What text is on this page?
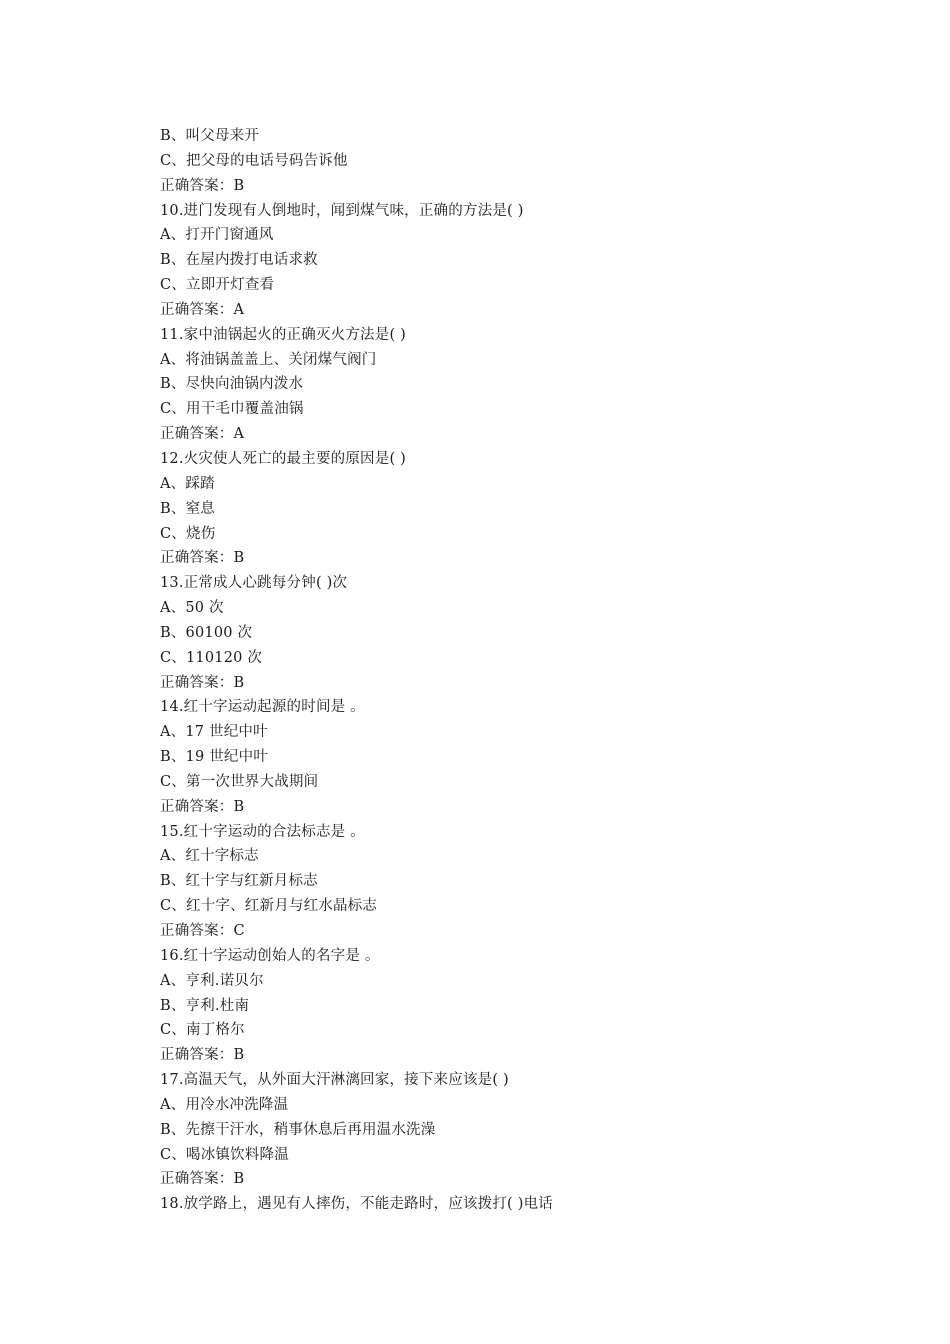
B、叫父母来开
C、把父母的电话号码告诉他
正确答案：B
10.进门发现有人倒地时，闻到煤气味，正确的方法是( )
A、打开门窗通风
B、在屋内拨打电话求救
C、立即开灯查看
正确答案：A
11.家中油锅起火的正确灭火方法是( )
A、将油锅盖盖上、关闭煤气阀门
B、尽快向油锅内泼水
C、用干毛巾覆盖油锅
正确答案：A
12.火灾使人死亡的最主要的原因是( )
A、踩踏
B、窒息
C、烧伤
正确答案：B
13.正常成人心跳每分钟( )次
A、50 次
B、60100 次
C、110120 次
正确答案：B
14.红十字运动起源的时间是 。
A、17 世纪中叶
B、19 世纪中叶
C、第一次世界大战期间
正确答案：B
15.红十字运动的合法标志是 。
A、红十字标志
B、红十字与红新月标志
C、红十字、红新月与红水晶标志
正确答案：C
16.红十字运动创始人的名字是 。
A、亨利.诺贝尔
B、亨利.杜南
C、南丁格尔
正确答案：B
17.高温天气，从外面大汗淋漓回家，接下来应该是( )
A、用冷水冲洗降温
B、先擦干汗水，稍事休息后再用温水洗澡
C、喝冰镇饮料降温
正确答案：B
18.放学路上，遇见有人摔伤，不能走路时，应该拨打( )电话
